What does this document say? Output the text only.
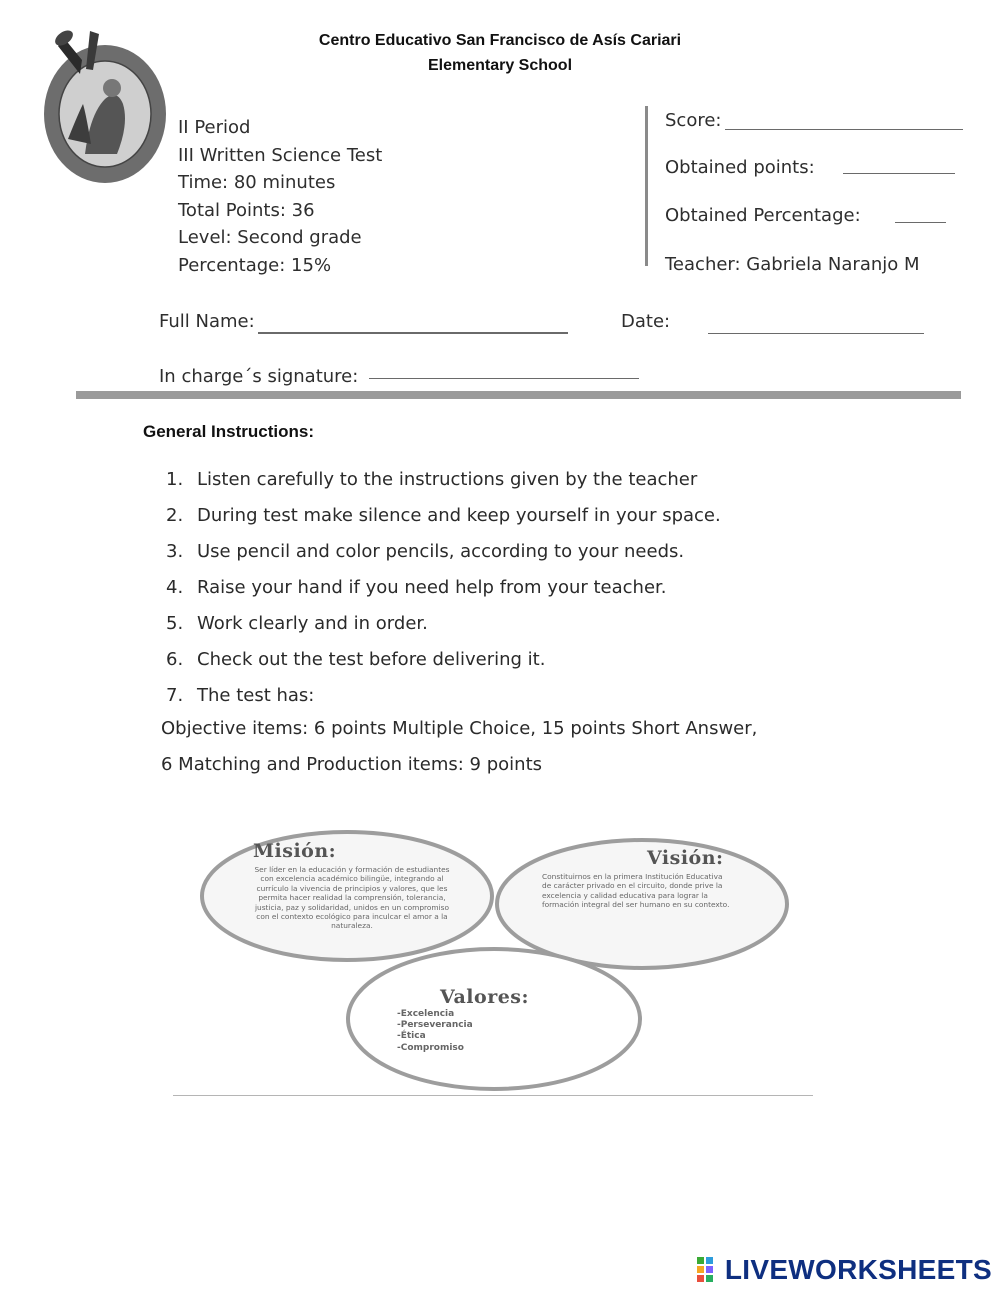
Centro Educativo San Francisco de Asís Cariari
Elementary School
II Period
III Written Science Test
Time: 80 minutes
Total Points: 36
Level: Second grade
Percentage: 15%
Score:
Obtained points:
Obtained Percentage:
Teacher: Gabriela Naranjo M
Full Name:	Date:
In charge´s signature:
General Instructions:
1. Listen carefully to the instructions given by the teacher
2. During test make silence and keep yourself in your space.
3. Use pencil and color pencils, according to your needs.
4. Raise your hand if you need help from your teacher.
5. Work clearly and in order.
6. Check out the test before delivering it.
7. The test has:
Objective items: 6 points Multiple Choice, 15 points Short Answer,
6 Matching and Production items: 9 points
Misión:
Ser líder en la educación y formación de estudiantes con excelencia académico bilingüe, integrando al currículo la vivencia de principios y valores, que les permita hacer realidad la comprensión, tolerancia, justicia, paz y solidaridad, unidos en un compromiso con el contexto ecológico para inculcar el amor a la naturaleza.
Visión:
Constituirnos en la primera Institución Educativa de carácter privado en el circuito, donde prive la excelencia y calidad educativa para lograr la formación integral del ser humano en su contexto.
Valores:
-Excelencia
-Perseverancia
-Ética
-Compromiso
LIVEWORKSHEETS
